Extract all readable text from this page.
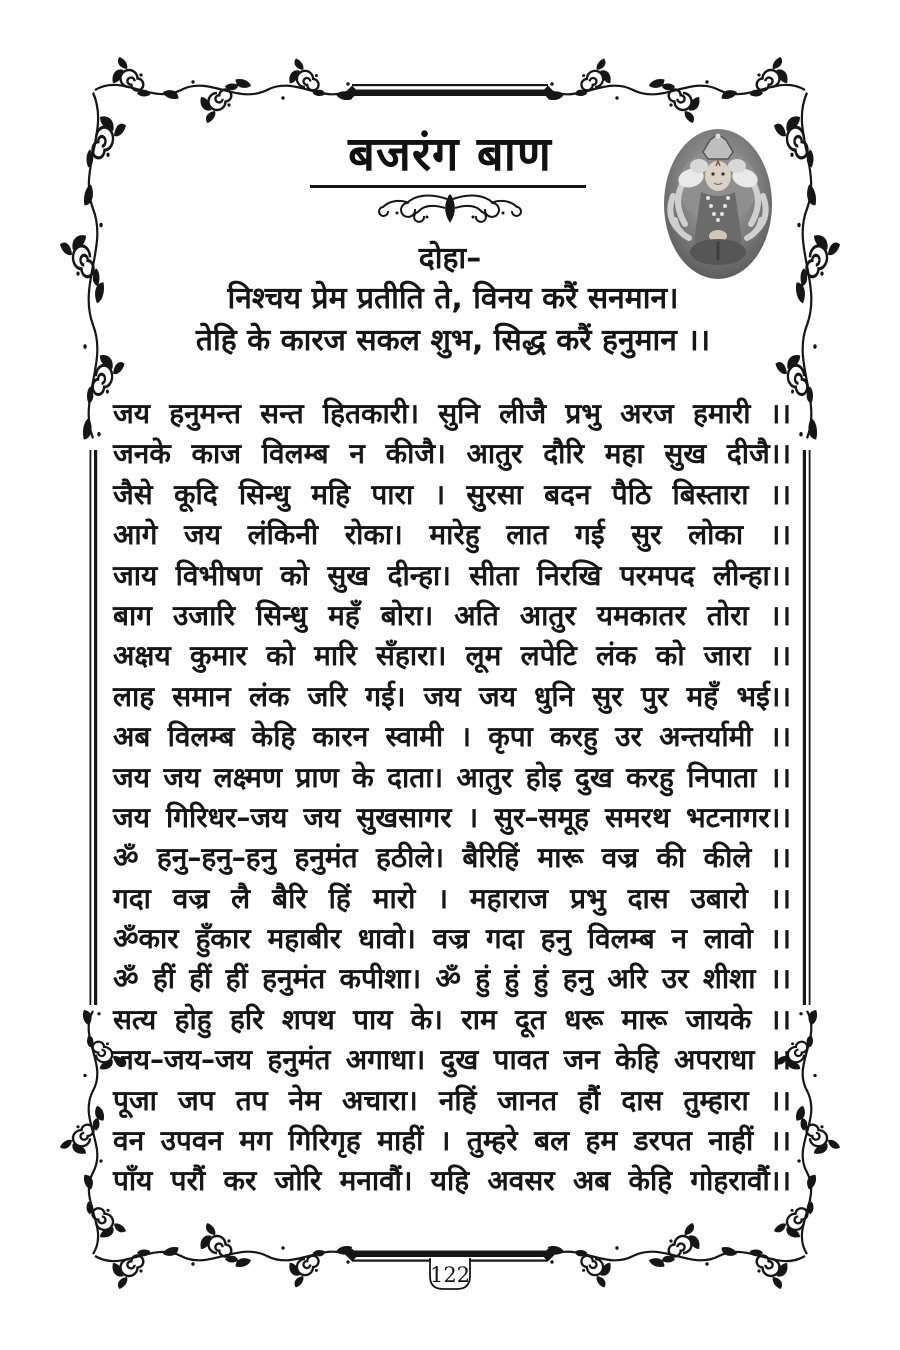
122
बजरंग बाण
दोहा–
निश्चय प्रेम प्रतीति ते, विनय करैं सनमान।
तेहि के कारज सकल शुभ, सिद्ध करैं हनुमान ।।
जय हनुमन्त सन्त हितकारी। सुनि लीजै प्रभु अरज हमारी ।।
जनके काज विलम्ब न कीजै। आतुर दौरि महा सुख दीजै।।
जैसे कूदि सिन्धु महि पारा । सुरसा बदन पैठि बिस्तारा ।।
आगे जय लंकिनी रोका। मारेहु लात गई सुर लोका ।।
जाय विभीषण को सुख दीन्हा। सीता निरखि परमपद लीन्हा।।
बाग उजारि सिन्धु महँ बोरा। अति आतुर यमकातर तोरा ।।
अक्षय कुमार को मारि सँहारा। लूम लपेटि लंक को जारा ।।
लाह समान लंक जरि गई। जय जय धुनि सुर पुर महँ भई।।
अब विलम्ब केहि कारन स्वामी । कृपा करहु उर अन्तर्यामी ।।
जय जय लक्ष्मण प्राण के दाता। आतुर होइ दुख करहु निपाता ।।
जय गिरिधर–जय जय सुखसागर । सुर–समूह समरथ भटनागर।।
ॐ हनु–हनु–हनु हनुमंत हठीले। बैरिहिं मारू वज्र की कीले ।।
गदा वज्र लै बैरि हिं मारो । महाराज प्रभु दास उबारो ।।
ॐकार हुँकार महाबीर धावो। वज्र गदा हनु विलम्ब न लावो ।।
ॐ हीं हीं हीं हनुमंत कपीशा। ॐ हुं हुं हुं हनु अरि उर शीशा ।।
सत्य होहु हरि शपथ पाय के। राम दूत धरू मारू जायके ।।
जय–जय–जय हनुमंत अगाधा। दुख पावत जन केहि अपराधा ।।
पूजा जप तप नेम अचारा। नहिं जानत हौं दास तुम्हारा ।।
वन उपवन मग गिरिगृह माहीं । तुम्हरे बल हम डरपत नाहीं ।।
पाँय परौं कर जोरि मनावौं। यहि अवसर अब केहि गोहरावौं।।
